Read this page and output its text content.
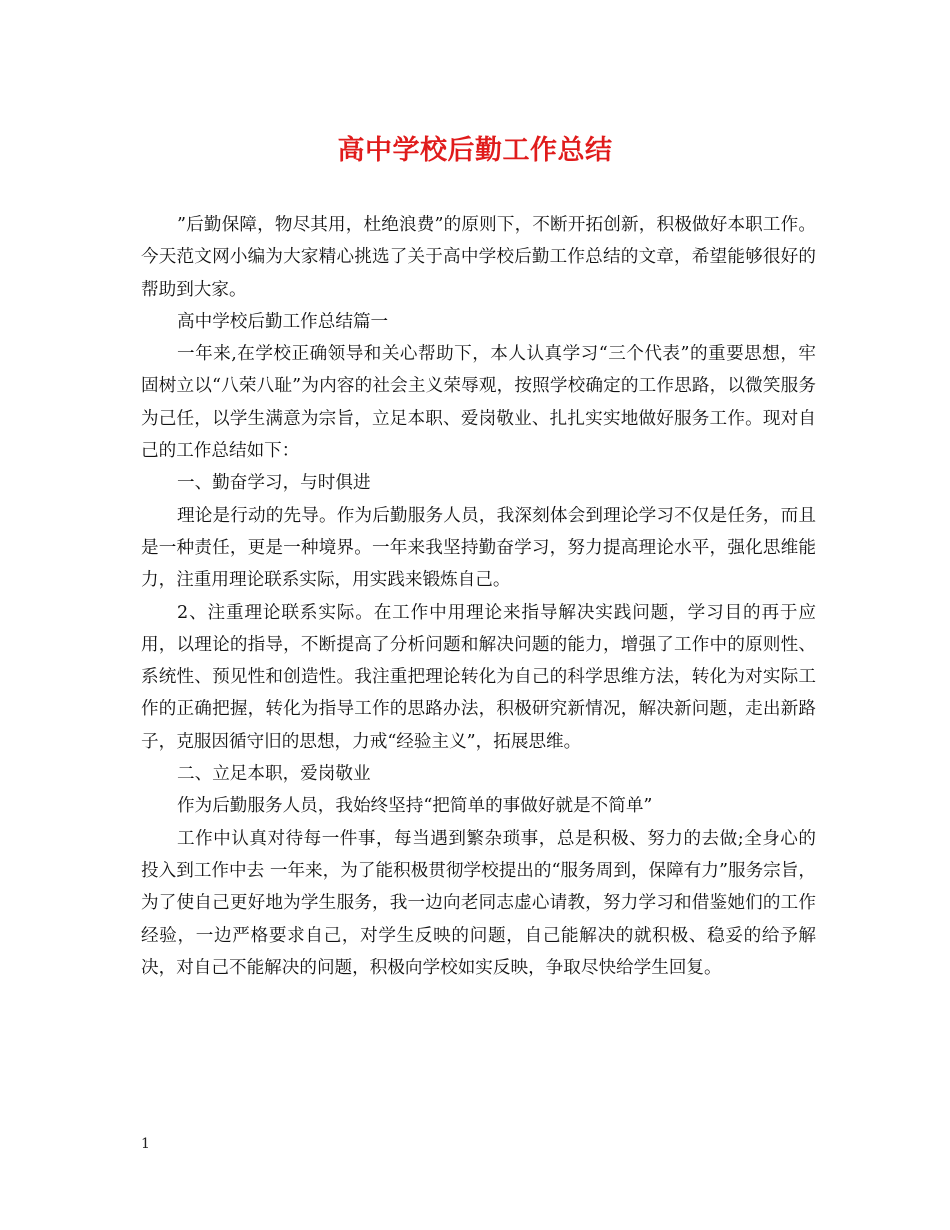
高中学校后勤工作总结

”后勤保障，物尽其用，杜绝浪费”的原则下，不断开拓创新，积极做好本职工作。今天范文网小编为大家精心挑选了关于高中学校后勤工作总结的文章，希望能够很好的帮助到大家。

高中学校后勤工作总结篇一

一年来,在学校正确领导和关心帮助下，本人认真学习“三个代表”的重要思想，牢固树立以“八荣八耻”为内容的社会主义荣辱观，按照学校确定的工作思路，以微笑服务为己任，以学生满意为宗旨，立足本职、爱岗敬业、扎扎实实地做好服务工作。现对自己的工作总结如下：

一、勤奋学习，与时俱进

理论是行动的先导。作为后勤服务人员，我深刻体会到理论学习不仅是任务，而且是一种责任，更是一种境界。一年来我坚持勤奋学习，努力提高理论水平，强化思维能力，注重用理论联系实际，用实践来锻炼自己。

2、注重理论联系实际。在工作中用理论来指导解决实践问题，学习目的再于应用，以理论的指导，不断提高了分析问题和解决问题的能力，增强了工作中的原则性、系统性、预见性和创造性。我注重把理论转化为自己的科学思维方法，转化为对实际工作的正确把握，转化为指导工作的思路办法，积极研究新情况，解决新问题，走出新路子，克服因循守旧的思想，力戒“经验主义”，拓展思维。

二、立足本职，爱岗敬业

作为后勤服务人员，我始终坚持“把简单的事做好就是不简单”

工作中认真对待每一件事，每当遇到繁杂琐事，总是积极、努力的去做;全身心的投入到工作中去 一年来，为了能积极贯彻学校提出的“服务周到，保障有力”服务宗旨，为了使自己更好地为学生服务，我一边向老同志虚心请教，努力学习和借鉴她们的工作经验，一边严格要求自己，对学生反映的问题，自己能解决的就积极、稳妥的给予解决，对自己不能解决的问题，积极向学校如实反映，争取尽快给学生回复。

1
